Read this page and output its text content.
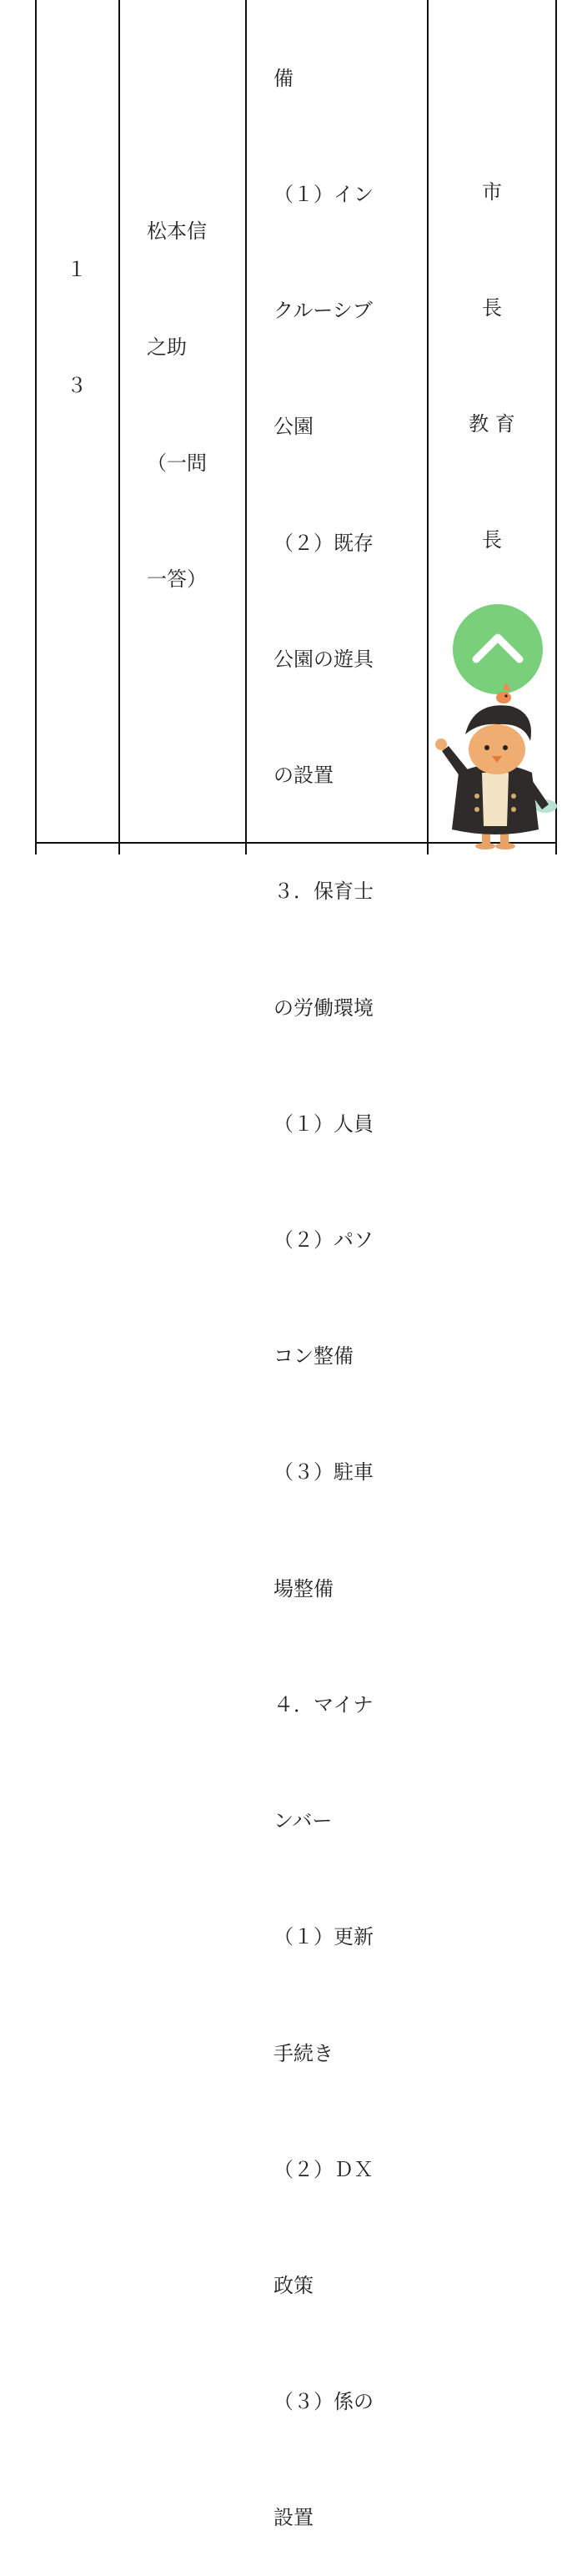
１

３

松本信

之助

（一問

一答）

備

（１）イン

クルーシブ

公園

（２）既存

公園の遊具

の設置

３．保育士

の労働環境

（１）人員

（２）パソ

コン整備

（３）駐車

場整備

４．マイナ

ンバー

（１）更新

手続き

（２）ＤＸ

政策

（３）係の

設置

市

長

教 育

長
